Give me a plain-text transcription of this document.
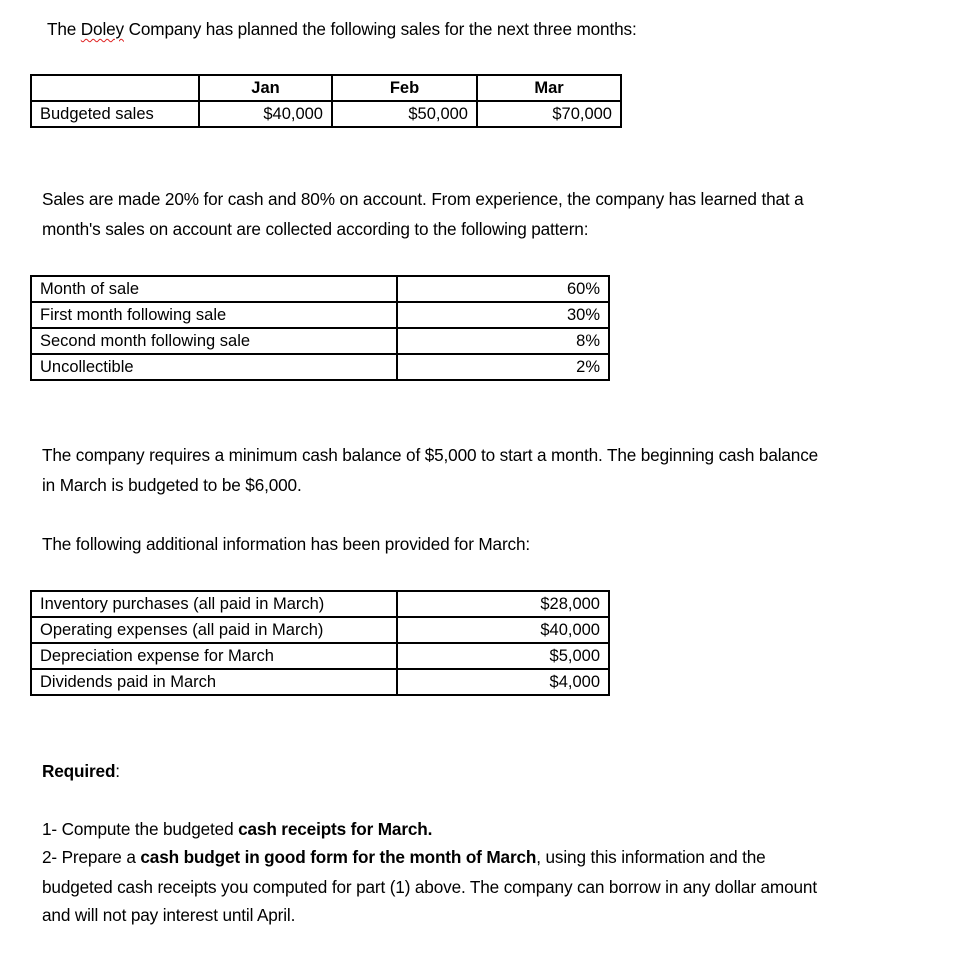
The Doley Company has planned the following sales for the next three months:
	Jan	Feb	Mar
Budgeted sales	$40,000	$50,000	$70,000
Sales are made 20% for cash and 80% on account. From experience, the company has learned that a
month's sales on account are collected according to the following pattern:
Month of sale	60%
First month following sale	30%
Second month following sale	8%
Uncollectible	2%
The company requires a minimum cash balance of $5,000 to start a month. The beginning cash balance
in March is budgeted to be $6,000.
The following additional information has been provided for March:
Inventory purchases (all paid in March)	$28,000
Operating expenses (all paid in March)	$40,000
Depreciation expense for March	$5,000
Dividends paid in March	$4,000
Required:
1- Compute the budgeted cash receipts for March.
2- Prepare a cash budget in good form for the month of March, using this information and the
budgeted cash receipts you computed for part (1) above. The company can borrow in any dollar amount
and will not pay interest until April.
